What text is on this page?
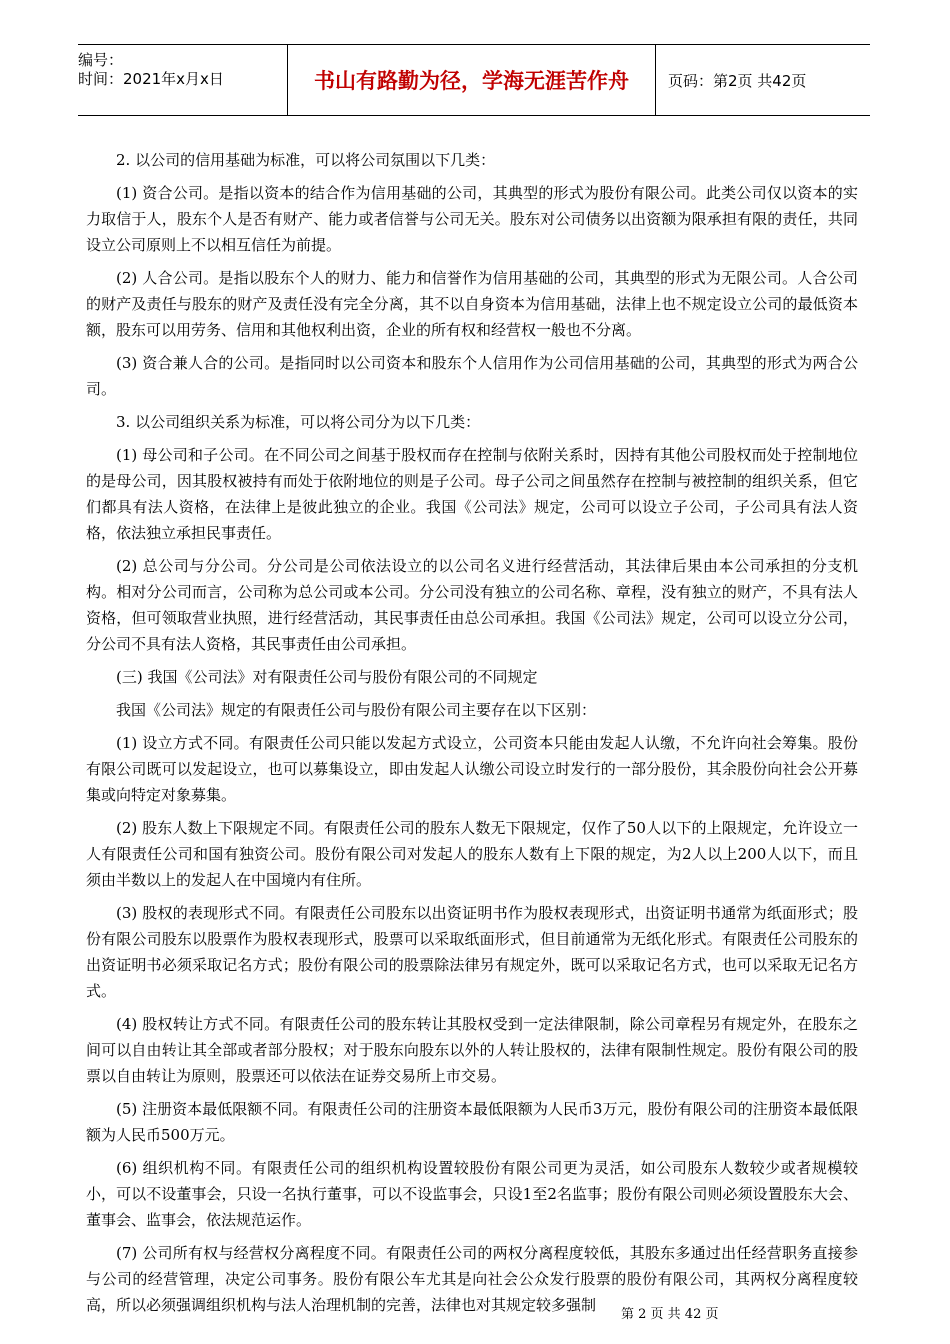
编号：
时间：2021年x月x日	书山有路勤为径，学海无涯苦作舟	页码：第2页 共42页

2. 以公司的信用基础为标准，可以将公司氛围以下几类：

(1) 资合公司。是指以资本的结合作为信用基础的公司，其典型的形式为股份有限公司。此类公司仅以资本的实力取信于人，股东个人是否有财产、能力或者信誉与公司无关。股东对公司债务以出资额为限承担有限的责任，共同设立公司原则上不以相互信任为前提。

(2) 人合公司。是指以股东个人的财力、能力和信誉作为信用基础的公司，其典型的形式为无限公司。人合公司的财产及责任与股东的财产及责任没有完全分离，其不以自身资本为信用基础，法律上也不规定设立公司的最低资本额，股东可以用劳务、信用和其他权利出资，企业的所有权和经营权一般也不分离。

(3) 资合兼人合的公司。是指同时以公司资本和股东个人信用作为公司信用基础的公司，其典型的形式为两合公司。

3. 以公司组织关系为标准，可以将公司分为以下几类：

(1) 母公司和子公司。在不同公司之间基于股权而存在控制与依附关系时，因持有其他公司股权而处于控制地位的是母公司，因其股权被持有而处于依附地位的则是子公司。母子公司之间虽然存在控制与被控制的组织关系，但它们都具有法人资格，在法律上是彼此独立的企业。我国《公司法》规定，公司可以设立子公司，子公司具有法人资格，依法独立承担民事责任。

(2) 总公司与分公司。分公司是公司依法设立的以公司名义进行经营活动，其法律后果由本公司承担的分支机构。相对分公司而言，公司称为总公司或本公司。分公司没有独立的公司名称、章程，没有独立的财产，不具有法人资格，但可领取营业执照，进行经营活动，其民事责任由总公司承担。我国《公司法》规定，公司可以设立分公司，分公司不具有法人资格，其民事责任由公司承担。

(三) 我国《公司法》对有限责任公司与股份有限公司的不同规定

我国《公司法》规定的有限责任公司与股份有限公司主要存在以下区别：

(1) 设立方式不同。有限责任公司只能以发起方式设立，公司资本只能由发起人认缴，不允许向社会筹集。股份有限公司既可以发起设立，也可以募集设立，即由发起人认缴公司设立时发行的一部分股份，其余股份向社会公开募集或向特定对象募集。

(2) 股东人数上下限规定不同。有限责任公司的股东人数无下限规定，仅作了50人以下的上限规定，允许设立一人有限责任公司和国有独资公司。股份有限公司对发起人的股东人数有上下限的规定，为2人以上200人以下，而且须由半数以上的发起人在中国境内有住所。

(3) 股权的表现形式不同。有限责任公司股东以出资证明书作为股权表现形式，出资证明书通常为纸面形式；股份有限公司股东以股票作为股权表现形式，股票可以采取纸面形式，但目前通常为无纸化形式。有限责任公司股东的出资证明书必须采取记名方式；股份有限公司的股票除法律另有规定外，既可以采取记名方式，也可以采取无记名方式。

(4) 股权转让方式不同。有限责任公司的股东转让其股权受到一定法律限制，除公司章程另有规定外，在股东之间可以自由转让其全部或者部分股权；对于股东向股东以外的人转让股权的，法律有限制性规定。股份有限公司的股票以自由转让为原则，股票还可以依法在证券交易所上市交易。

(5) 注册资本最低限额不同。有限责任公司的注册资本最低限额为人民币3万元，股份有限公司的注册资本最低限额为人民币500万元。

(6) 组织机构不同。有限责任公司的组织机构设置较股份有限公司更为灵活，如公司股东人数较少或者规模较小，可以不设董事会，只设一名执行董事，可以不设监事会，只设1至2名监事；股份有限公司则必须设置股东大会、董事会、监事会，依法规范运作。

(7) 公司所有权与经营权分离程度不同。有限责任公司的两权分离程度较低，其股东多通过出任经营职务直接参与公司的经营管理，决定公司事务。股份有限公车尤其是向社会公众发行股票的股份有限公司，其两权分离程度较高，所以必须强调组织机构与法人治理机制的完善，法律也对其规定较多强制

第 2 页 共 42 页
